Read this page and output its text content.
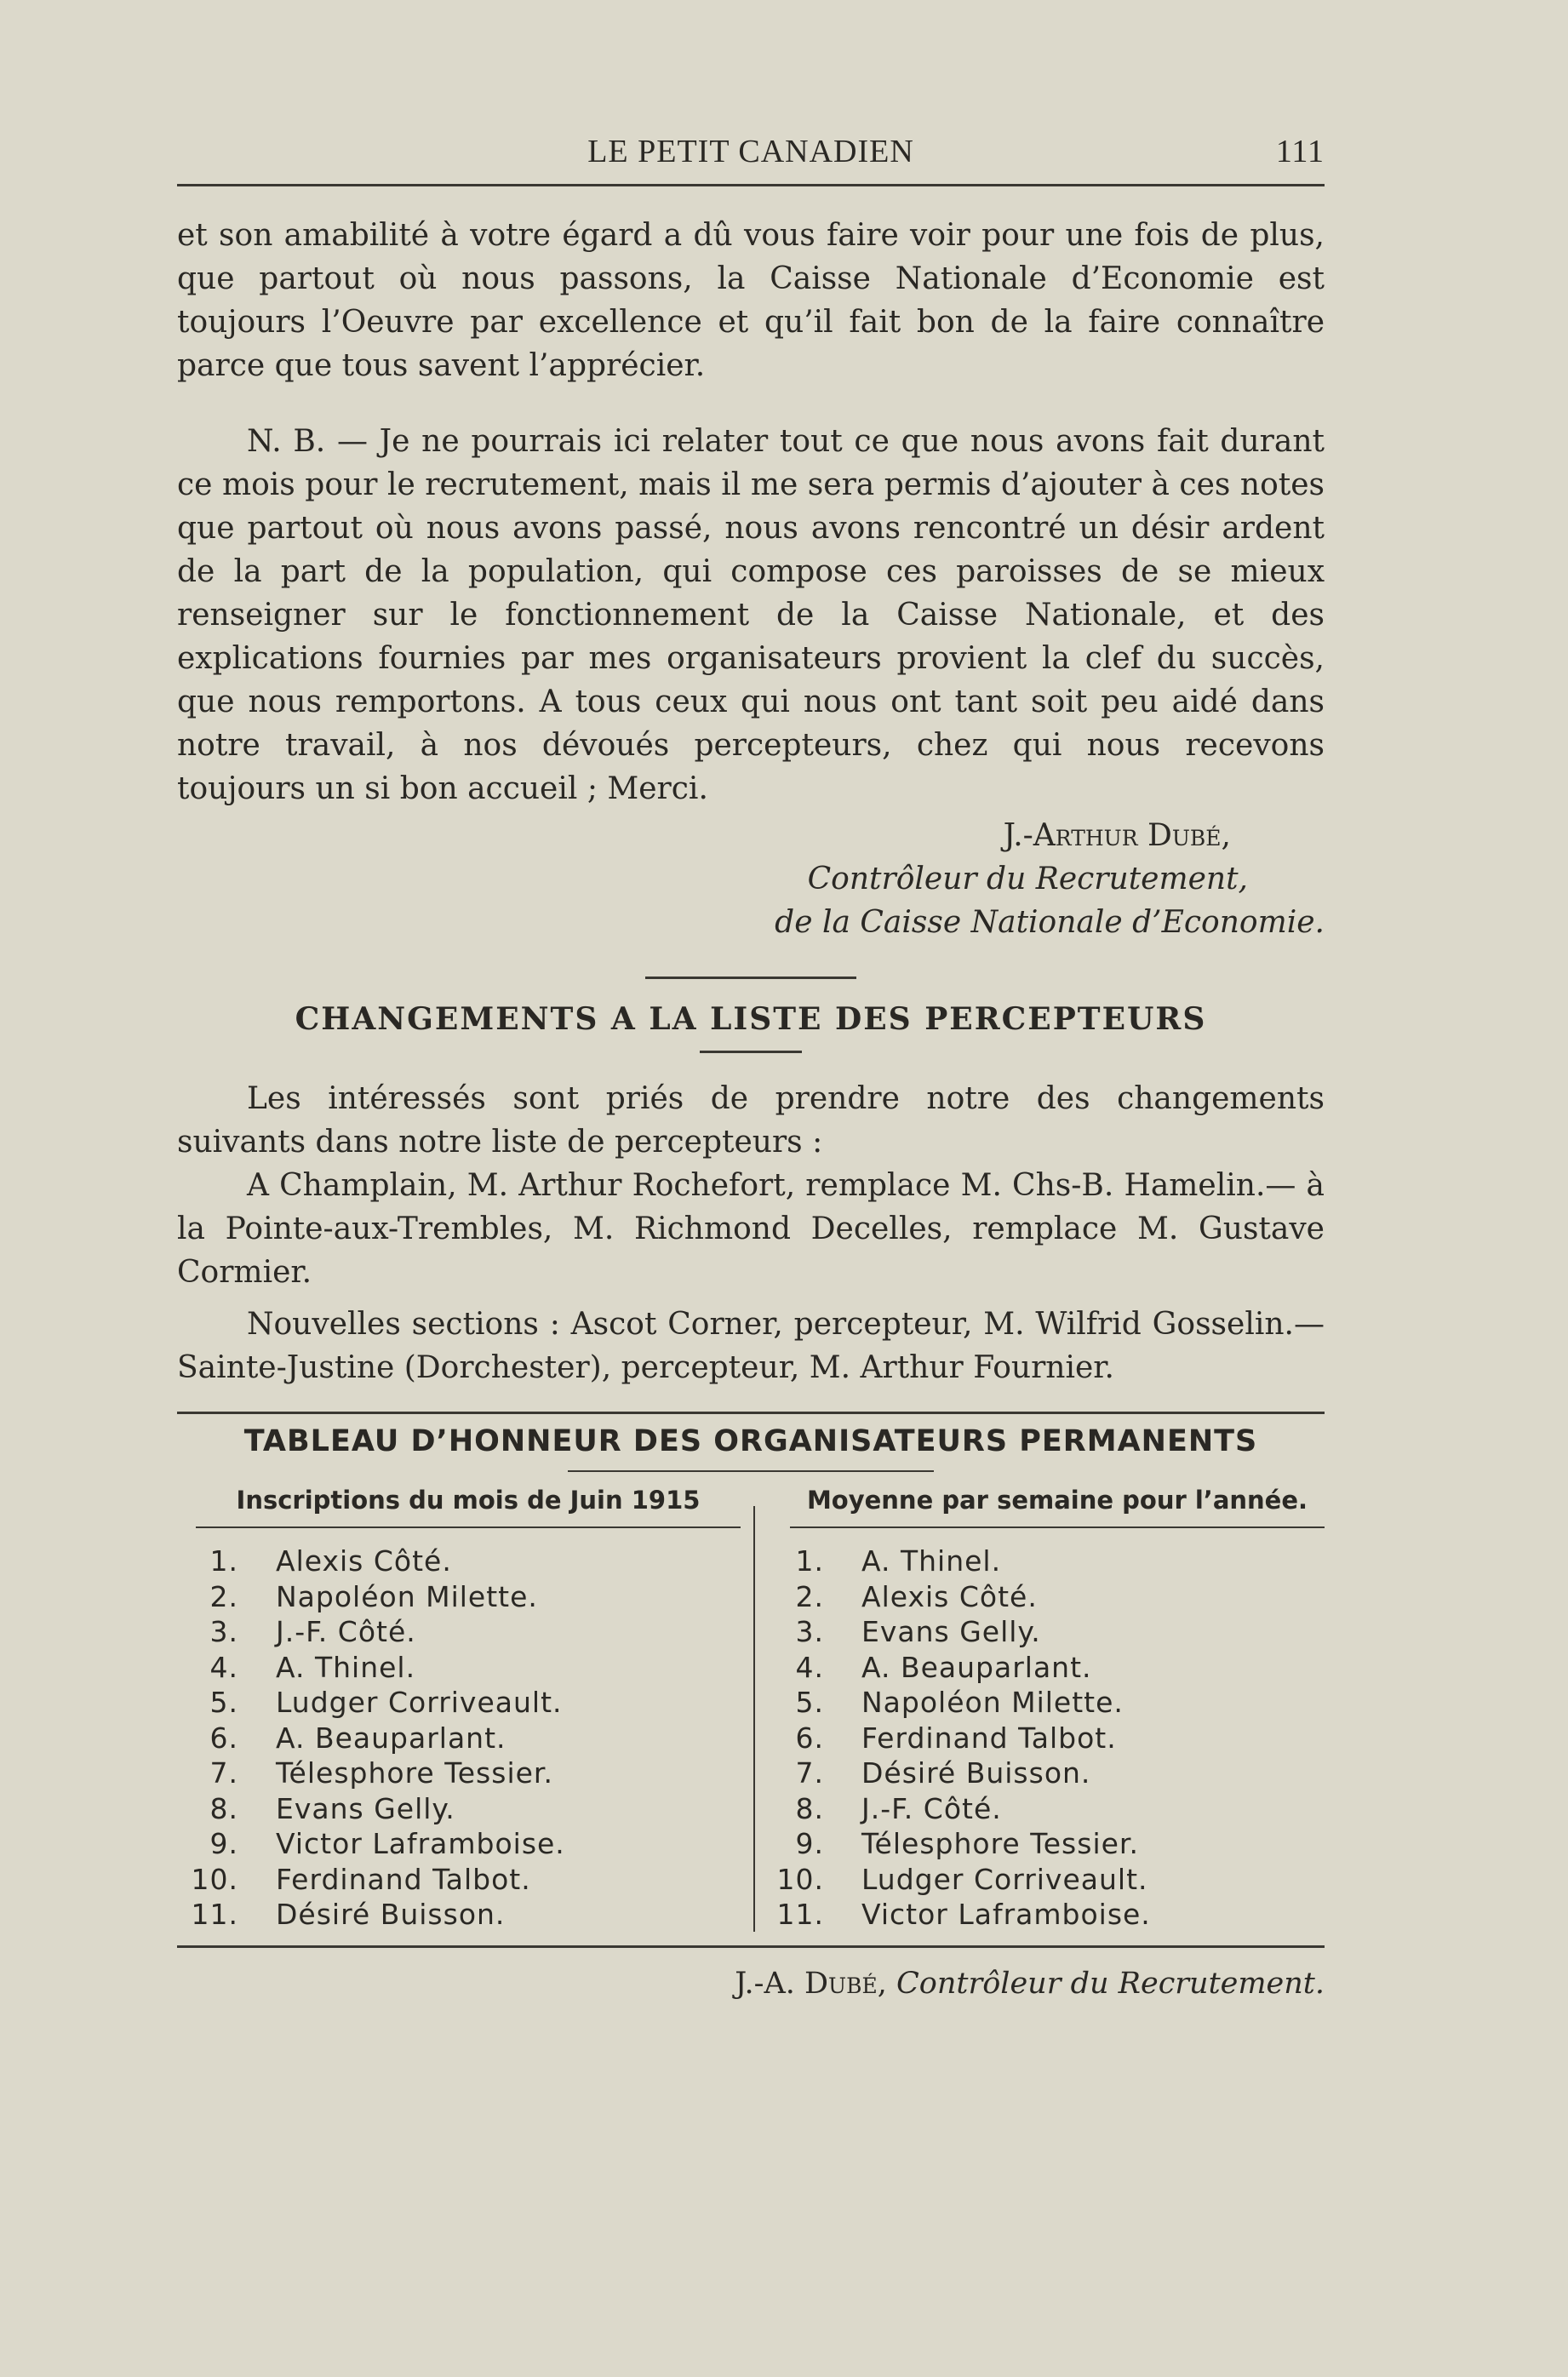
LE PETIT CANADIEN	111

et son amabilité à votre égard a dû vous faire voir pour une fois de plus, que partout où nous passons, la Caisse Nationale d’Economie est toujours l’Oeuvre par excellence et qu’il fait bon de la faire connaître parce que tous savent l’apprécier.

N. B. — Je ne pourrais ici relater tout ce que nous avons fait durant ce mois pour le recrutement, mais il me sera permis d’ajouter à ces notes que partout où nous avons passé, nous avons rencontré un désir ardent de la part de la population, qui compose ces paroisses de se mieux renseigner sur le fonctionnement de la Caisse Nationale, et des explications fournies par mes organisateurs provient la clef du succès, que nous remportons. A tous ceux qui nous ont tant soit peu aidé dans notre travail, à nos dévoués percepteurs, chez qui nous recevons toujours un si bon accueil ; Merci.

J.-Arthur Dubé,
Contrôleur du Recrutement,
de la Caisse Nationale d’Economie.
CHANGEMENTS A LA LISTE DES PERCEPTEURS

Les intéressés sont priés de prendre notre des changements suivants dans notre liste de percepteurs :

A Champlain, M. Arthur Rochefort, remplace M. Chs-B. Hamelin.— à la Pointe-aux-Trembles, M. Richmond Decelles, remplace M. Gustave Cormier.

Nouvelles sections : Ascot Corner, percepteur, M. Wilfrid Gosselin.— Sainte-Justine (Dorchester), percepteur, M. Arthur Fournier.

TABLEAU D’HONNEUR DES ORGANISATEURS PERMANENTS
Inscriptions du mois de Juin 1915
1. Alexis Côté.
2. Napoléon Milette.
3. J.-F. Côté.
4. A. Thinel.
5. Ludger Corriveault.
6. A. Beauparlant.
7. Télesphore Tessier.
8. Evans Gelly.
9. Victor Laframboise.
10. Ferdinand Talbot.
11. Désiré Buisson.
Moyenne par semaine pour l’année.
1. A. Thinel.
2. Alexis Côté.
3. Evans Gelly.
4. A. Beauparlant.
5. Napoléon Milette.
6. Ferdinand Talbot.
7. Désiré Buisson.
8. J.-F. Côté.
9. Télesphore Tessier.
10. Ludger Corriveault.
11. Victor Laframboise.
J.-A. Dubé, Contrôleur du Recrutement.
